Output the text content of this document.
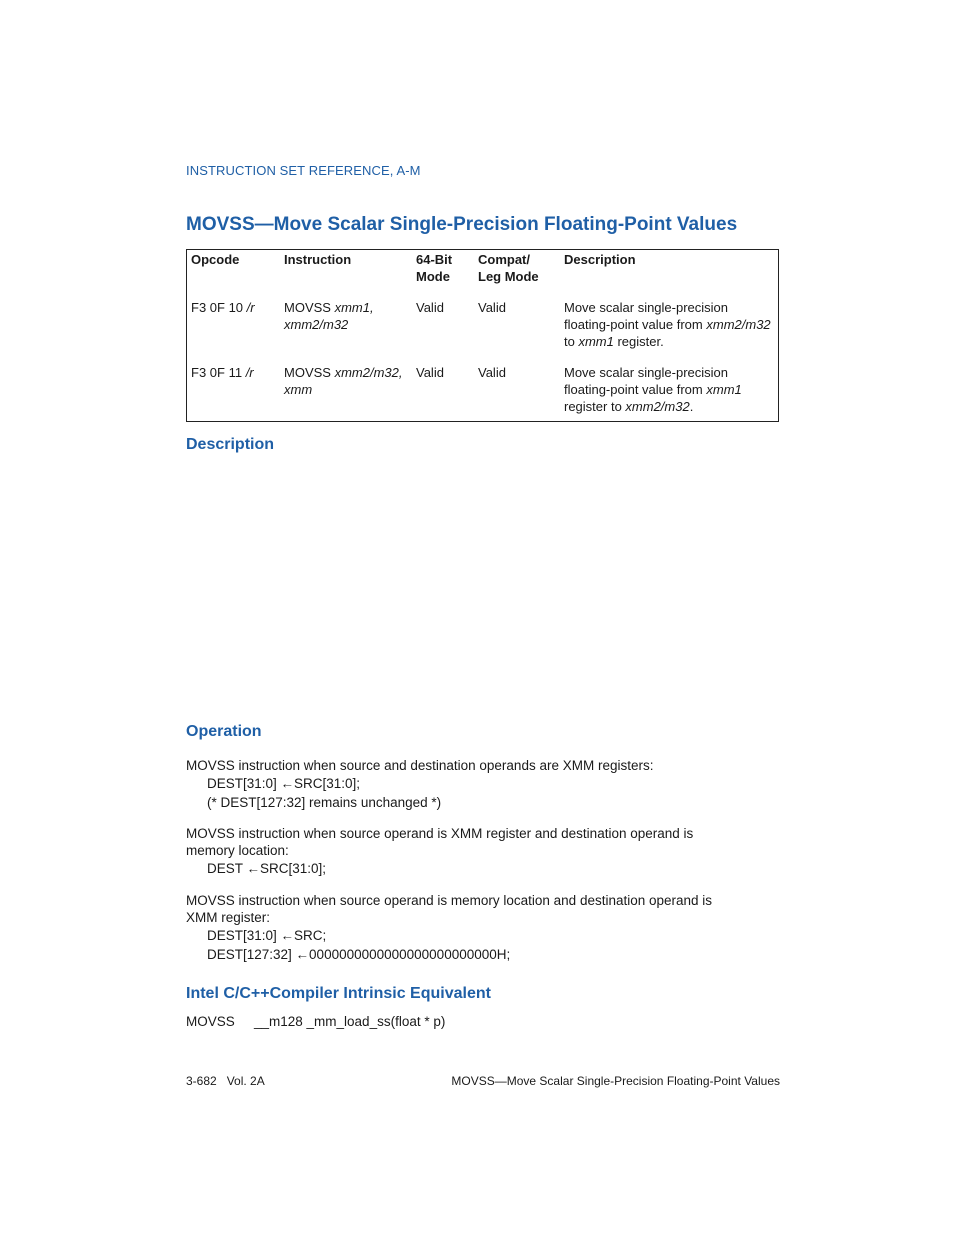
INSTRUCTION SET REFERENCE, A-M
MOVSS—Move Scalar Single-Precision Floating-Point Values
Opcode	Instruction	64-Bit Mode	Compat/ Leg Mode	Description
F3 0F 10 /r	MOVSS xmm1, xmm2/m32	Valid	Valid	Move scalar single-precision floating-point value from xmm2/m32 to xmm1 register.
F3 0F 11 /r	MOVSS xmm2/m32, xmm	Valid	Valid	Move scalar single-precision floating-point value from xmm1 register to xmm2/m32.
Description
Operation
MOVSS instruction when source and destination operands are XMM registers:
DEST[31:0] ←SRC[31:0];
(* DEST[127:32] remains unchanged *)
MOVSS instruction when source operand is XMM register and destination operand is memory location:
DEST ←SRC[31:0];
MOVSS instruction when source operand is memory location and destination operand is XMM register:
DEST[31:0] ←SRC;
DEST[127:32] ←0000000000000000000000000H;
Intel C/C++Compiler Intrinsic Equivalent
MOVSS __m128 _mm_load_ss(float * p)
3-682   Vol. 2A	MOVSS—Move Scalar Single-Precision Floating-Point Values
